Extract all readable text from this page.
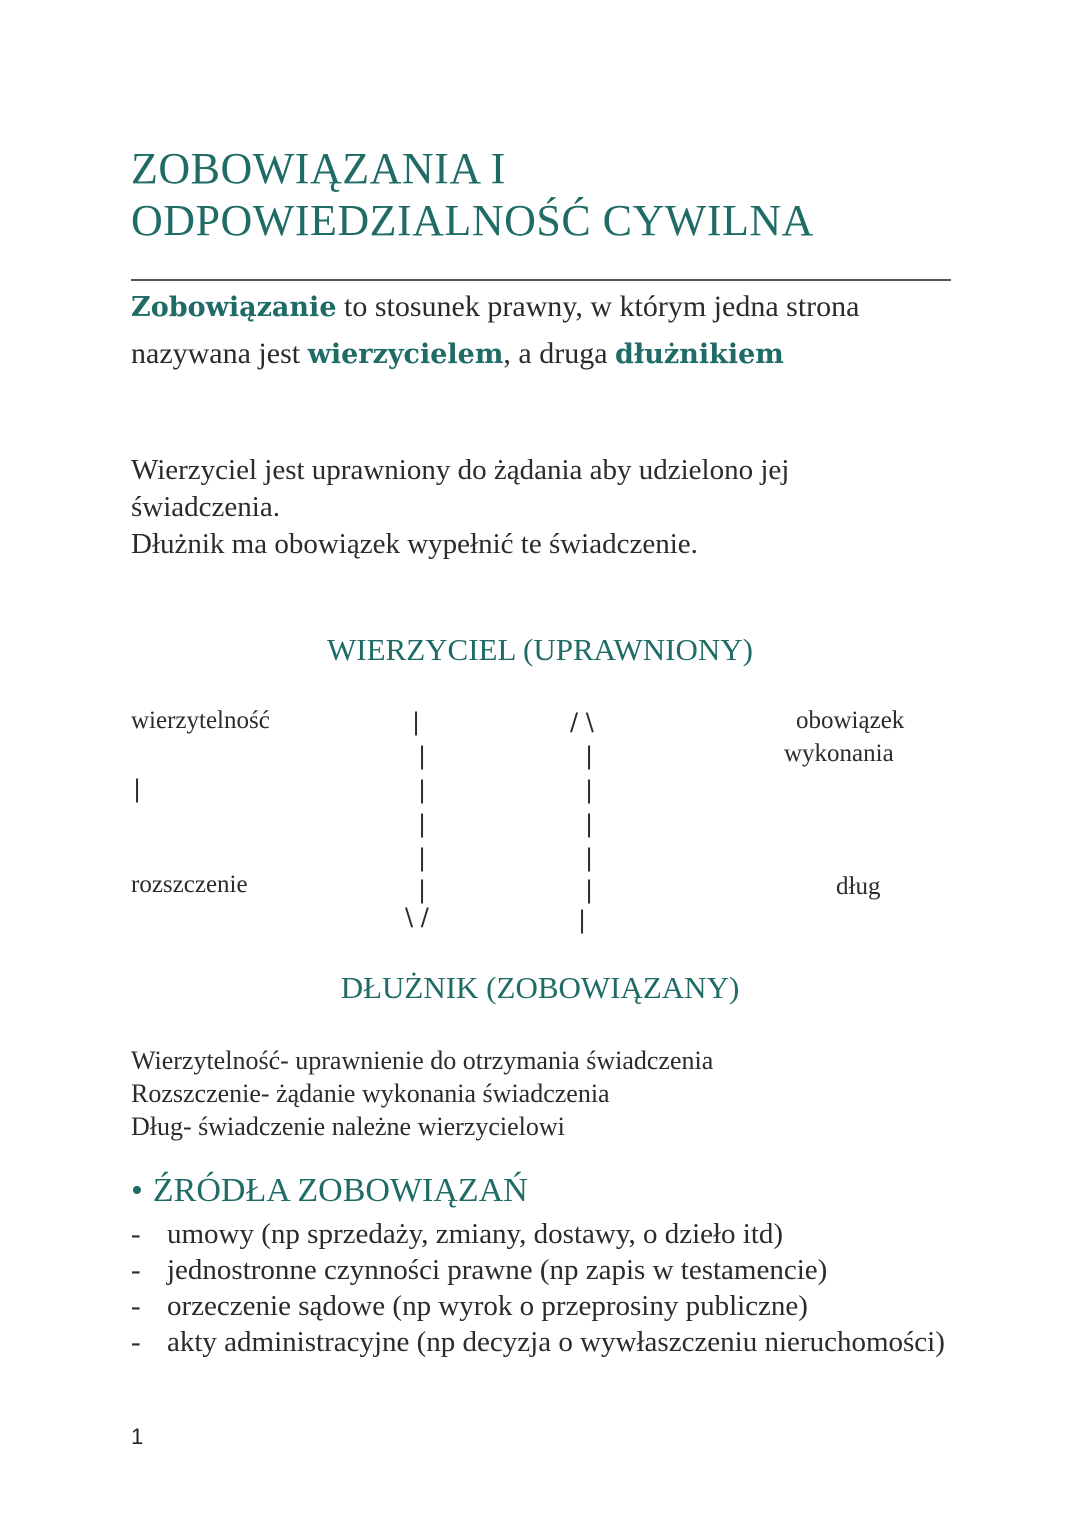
ZOBOWIĄZANIA I
ODPOWIEDZIALNOŚĆ CYWILNA

Zobowiązanie to stosunek prawny, w którym jedna strona nazywana jest wierzycielem, a druga dłużnikiem

Wierzyciel jest uprawniony do żądania aby udzielono jej
świadczenia.
Dłużnik ma obowiązek wypełnić te świadczenie.
WIERZYCIEL (UPRAWNIONY)
wierzytelność
rozszczenie
obowiązek
wykonania
dług
|
|
|
|
|
|
|
\ /
/ \
|
|
|
|
|
|
DŁUŻNIK (ZOBOWIĄZANY)
Wierzytelność- uprawnienie do otrzymania świadczenia
Rozszczenie- żądanie wykonania świadczenia
Dług- świadczenie należne wierzycielowi
• ŹRÓDŁA ZOBOWIĄZAŃ
- umowy (np sprzedaży, zmiany, dostawy, o dzieło itd)
- jednostronne czynności prawne (np zapis w testamencie)
- orzeczenie sądowe (np wyrok o przeprosiny publiczne)
- akty administracyjne (np decyzja o wywłaszczeniu nieruchomości)
1
